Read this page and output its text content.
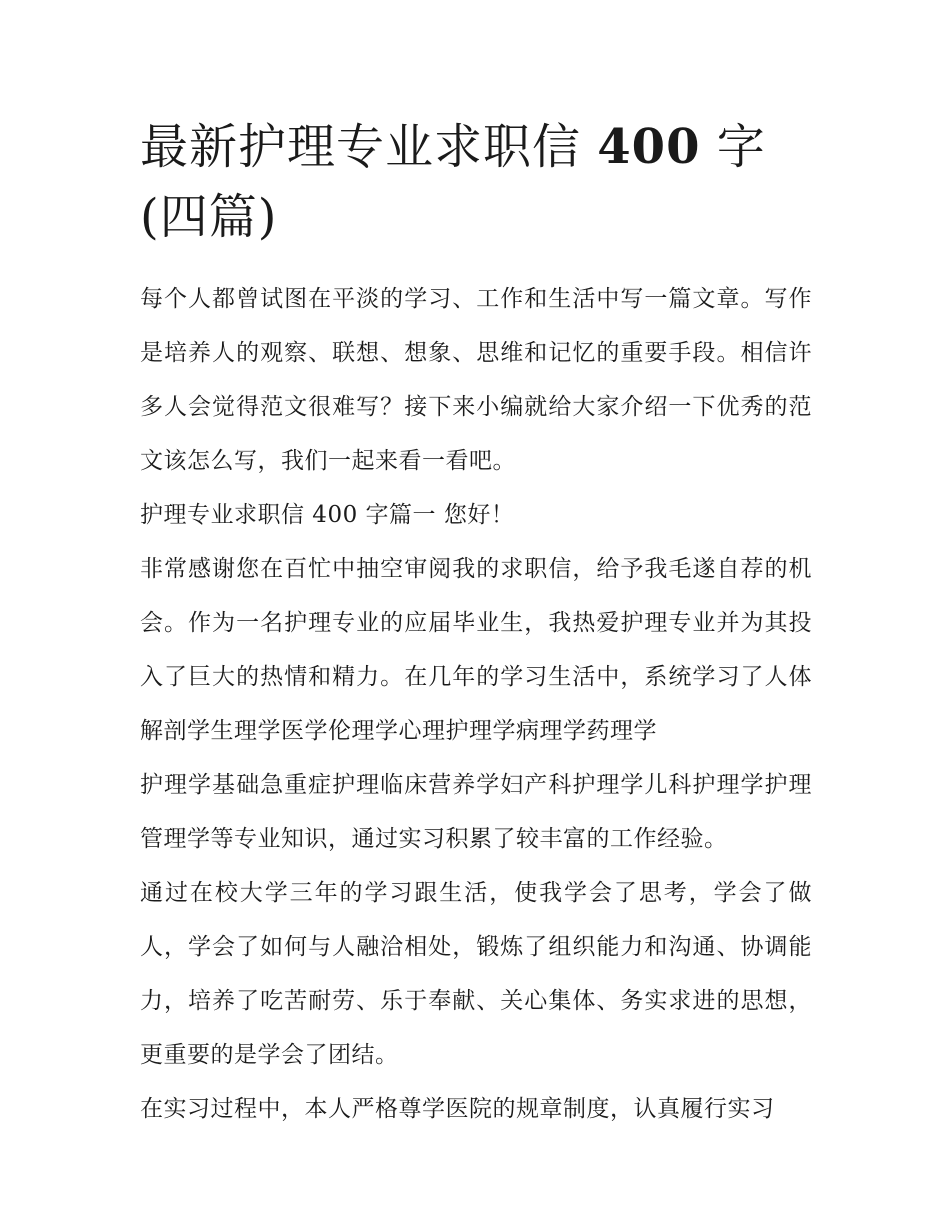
最新护理专业求职信 400 字(四篇)

每个人都曾试图在平淡的学习、工作和生活中写一篇文章。写作是培养人的观察、联想、想象、思维和记忆的重要手段。相信许多人会觉得范文很难写？接下来小编就给大家介绍一下优秀的范文该怎么写，我们一起来看一看吧。

护理专业求职信 400 字篇一 您好！

非常感谢您在百忙中抽空审阅我的求职信，给予我毛遂自荐的机会。作为一名护理专业的应届毕业生，我热爱护理专业并为其投入了巨大的热情和精力。在几年的学习生活中，系统学习了人体解剖学生理学医学伦理学心理护理学病理学药理学

护理学基础急重症护理临床营养学妇产科护理学儿科护理学护理管理学等专业知识，通过实习积累了较丰富的工作经验。

通过在校大学三年的学习跟生活，使我学会了思考，学会了做人，学会了如何与人融洽相处，锻炼了组织能力和沟通、协调能力，培养了吃苦耐劳、乐于奉献、关心集体、务实求进的思想，更重要的是学会了团结。

在实习过程中，本人严格尊学医院的规章制度，认真履行实习
